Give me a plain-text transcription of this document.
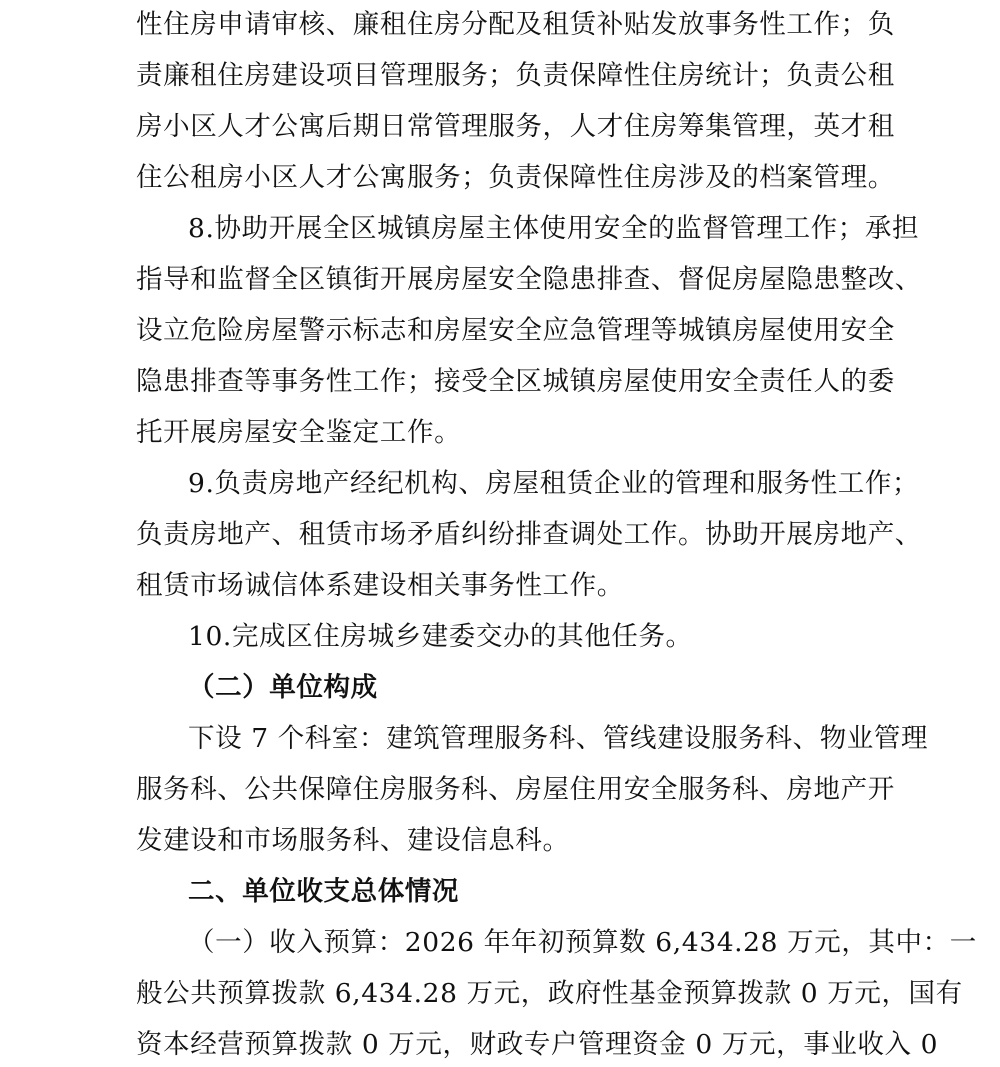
性住房申请审核、廉租住房分配及租赁补贴发放事务性工作；负
责廉租住房建设项目管理服务；负责保障性住房统计；负责公租
房小区人才公寓后期日常管理服务，人才住房筹集管理，英才租
住公租房小区人才公寓服务；负责保障性住房涉及的档案管理。
8.协助开展全区城镇房屋主体使用安全的监督管理工作；承担
指导和监督全区镇街开展房屋安全隐患排查、督促房屋隐患整改、
设立危险房屋警示标志和房屋安全应急管理等城镇房屋使用安全
隐患排查等事务性工作；接受全区城镇房屋使用安全责任人的委
托开展房屋安全鉴定工作。
9.负责房地产经纪机构、房屋租赁企业的管理和服务性工作；
负责房地产、租赁市场矛盾纠纷排查调处工作。协助开展房地产、
租赁市场诚信体系建设相关事务性工作。
10.完成区住房城乡建委交办的其他任务。
（二）单位构成
下设 7 个科室：建筑管理服务科、管线建设服务科、物业管理
服务科、公共保障住房服务科、房屋住用安全服务科、房地产开
发建设和市场服务科、建设信息科。
二、单位收支总体情况
（一）收入预算：2026 年年初预算数 6,434.28 万元，其中：一
般公共预算拨款 6,434.28 万元，政府性基金预算拨款 0 万元，国有
资本经营预算拨款 0 万元，财政专户管理资金 0 万元，事业收入 0
